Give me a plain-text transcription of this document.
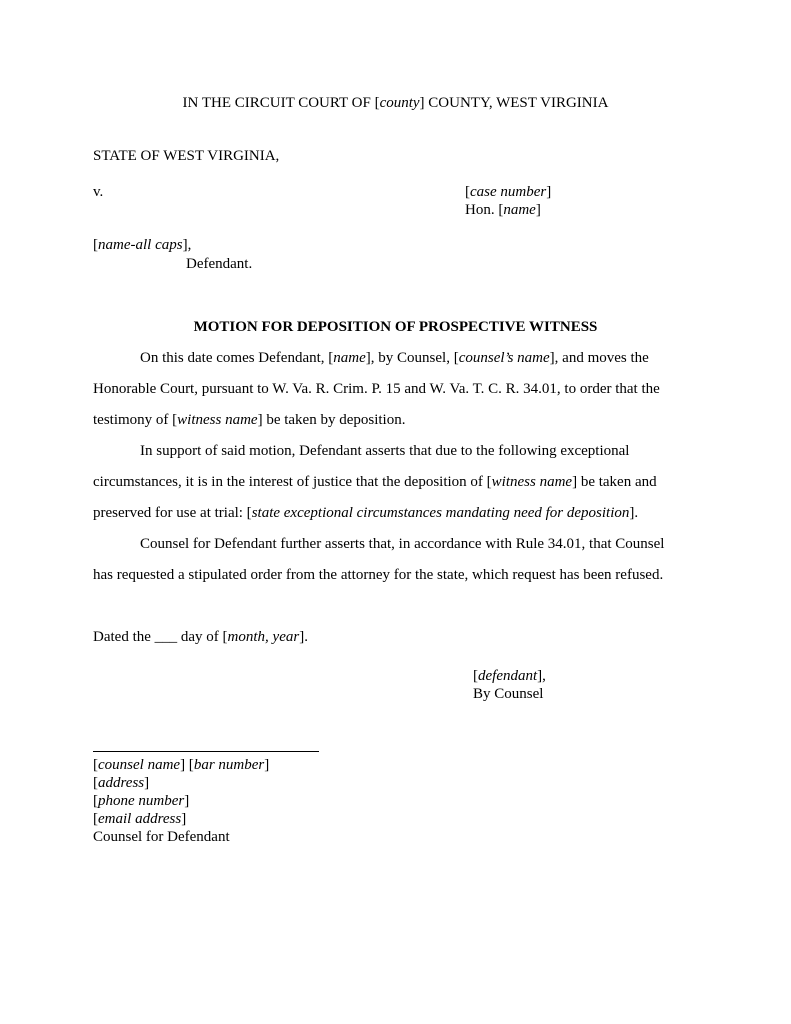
IN THE CIRCUIT COURT OF [county] COUNTY, WEST VIRGINIA
STATE OF WEST VIRGINIA,
v.	[case number]
Hon. [name]
[name-all caps],
Defendant.
MOTION FOR DEPOSITION OF PROSPECTIVE WITNESS
On this date comes Defendant, [name], by Counsel, [counsel’s name], and moves the
Honorable Court, pursuant to W. Va. R. Crim. P. 15 and W. Va. T. C. R. 34.01, to order that the
testimony of [witness name] be taken by deposition.
In support of said motion, Defendant asserts that due to the following exceptional
circumstances, it is in the interest of justice that the deposition of [witness name] be taken and
preserved for use at trial: [state exceptional circumstances mandating need for deposition].
Counsel for Defendant further asserts that, in accordance with Rule 34.01, that Counsel
has requested a stipulated order from the attorney for the state, which request has been refused.
Dated the ___ day of [month, year].
[defendant],
By Counsel
[counsel name] [bar number]
[address]
[phone number]
[email address]
Counsel for Defendant
